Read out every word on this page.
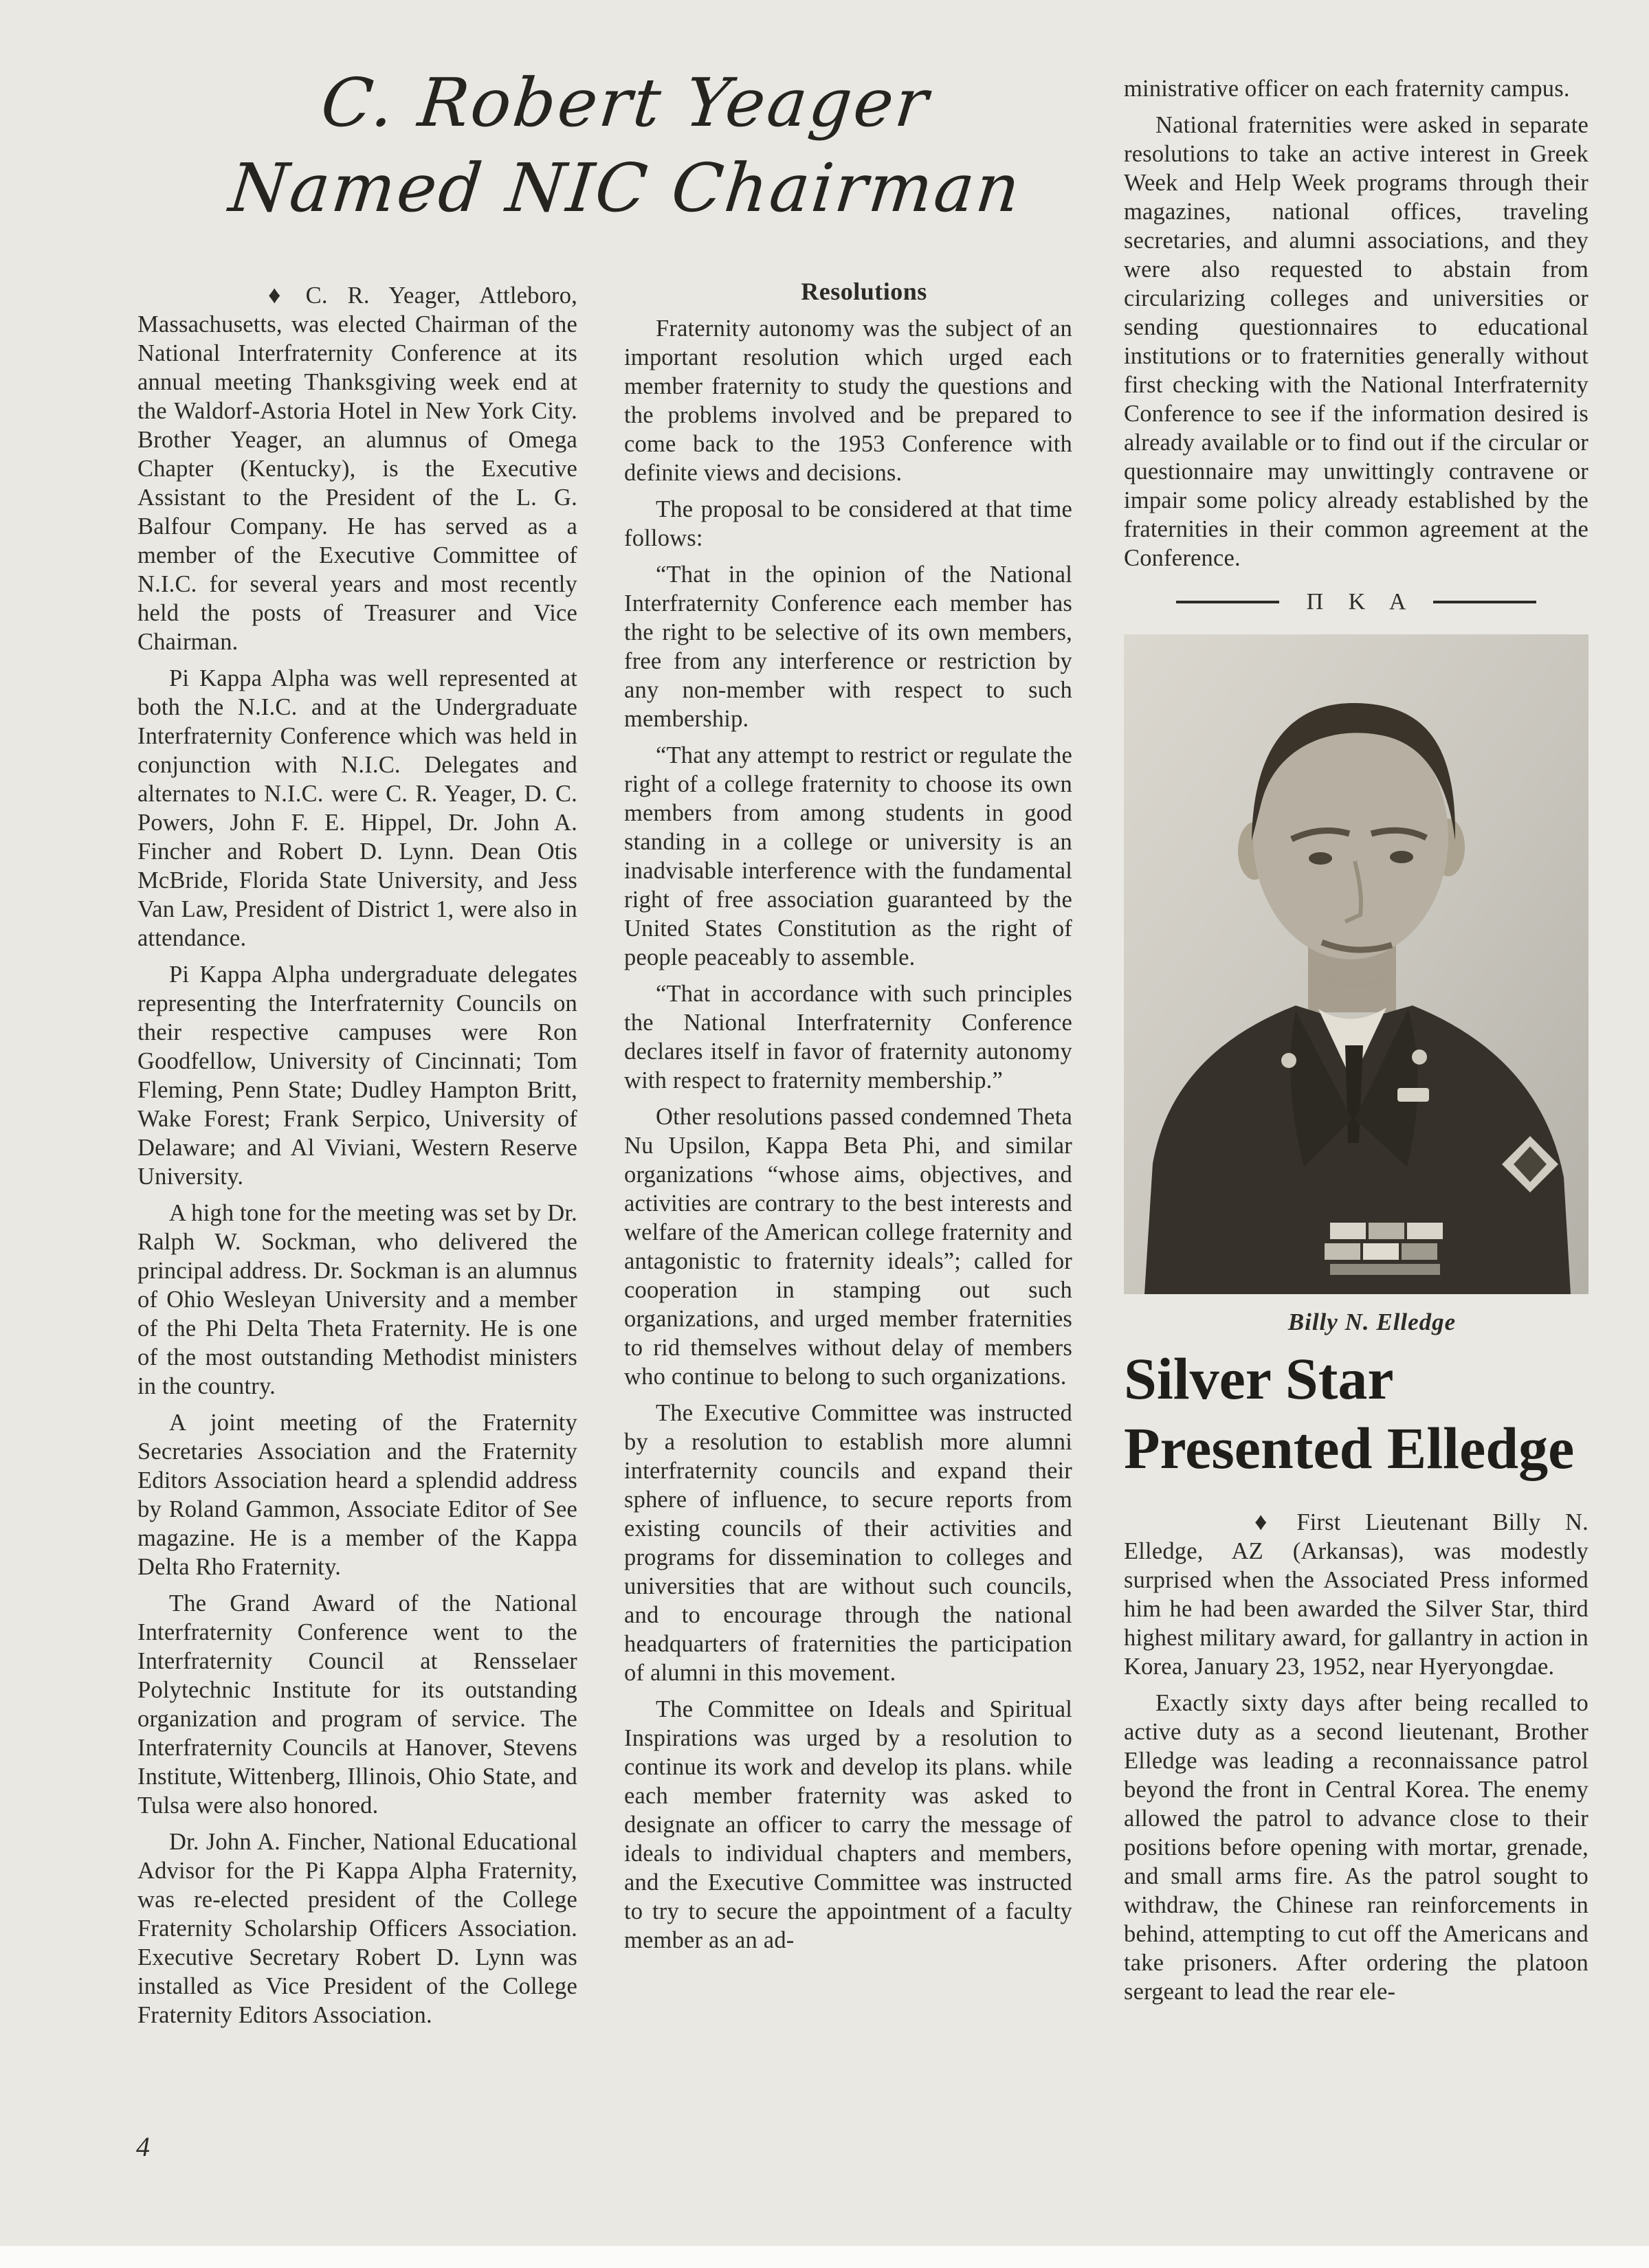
C. Robert Yeager
Named NIC Chairman

♦ C. R. Yeager, Attleboro, Massachusetts, was elected Chairman of the National Interfraternity Conference at its annual meeting Thanksgiving week end at the Waldorf-Astoria Hotel in New York City. Brother Yeager, an alumnus of Omega Chapter (Kentucky), is the Executive Assistant to the President of the L. G. Balfour Company. He has served as a member of the Executive Committee of N.I.C. for several years and most recently held the posts of Treasurer and Vice Chairman.

Pi Kappa Alpha was well represented at both the N.I.C. and at the Undergraduate Interfraternity Conference which was held in conjunction with N.I.C. Delegates and alternates to N.I.C. were C. R. Yeager, D. C. Powers, John F. E. Hippel, Dr. John A. Fincher and Robert D. Lynn. Dean Otis McBride, Florida State University, and Jess Van Law, President of District 1, were also in attendance.

Pi Kappa Alpha undergraduate delegates representing the Interfraternity Councils on their respective campuses were Ron Goodfellow, University of Cincinnati; Tom Fleming, Penn State; Dudley Hampton Britt, Wake Forest; Frank Serpico, University of Delaware; and Al Viviani, Western Reserve University.

A high tone for the meeting was set by Dr. Ralph W. Sockman, who delivered the principal address. Dr. Sockman is an alumnus of Ohio Wesleyan University and a member of the Phi Delta Theta Fraternity. He is one of the most outstanding Methodist ministers in the country.

A joint meeting of the Fraternity Secretaries Association and the Fraternity Editors Association heard a splendid address by Roland Gammon, Associate Editor of See magazine. He is a member of the Kappa Delta Rho Fraternity.

The Grand Award of the National Interfraternity Conference went to the Interfraternity Council at Rensselaer Polytechnic Institute for its outstanding organization and program of service. The Interfraternity Councils at Hanover, Stevens Institute, Wittenberg, Illinois, Ohio State, and Tulsa were also honored.

Dr. John A. Fincher, National Educational Advisor for the Pi Kappa Alpha Fraternity, was re-elected president of the College Fraternity Scholarship Officers Association. Executive Secretary Robert D. Lynn was installed as Vice President of the College Fraternity Editors Association.

Resolutions

Fraternity autonomy was the subject of an important resolution which urged each member fraternity to study the questions and the problems involved and be prepared to come back to the 1953 Conference with definite views and decisions.

The proposal to be considered at that time follows:

“That in the opinion of the National Interfraternity Conference each member has the right to be selective of its own members, free from any interference or restriction by any non-member with respect to such membership.

“That any attempt to restrict or regulate the right of a college fraternity to choose its own members from among students in good standing in a college or university is an inadvisable interference with the fundamental right of free association guaranteed by the United States Constitution as the right of people peaceably to assemble.

“That in accordance with such principles the National Interfraternity Conference declares itself in favor of fraternity autonomy with respect to fraternity membership.”

Other resolutions passed condemned Theta Nu Upsilon, Kappa Beta Phi, and similar organizations “whose aims, objectives, and activities are contrary to the best interests and welfare of the American college fraternity and antagonistic to fraternity ideals”; called for cooperation in stamping out such organizations, and urged member fraternities to rid themselves without delay of members who continue to belong to such organizations.

The Executive Committee was instructed by a resolution to establish more alumni interfraternity councils and expand their sphere of influence, to secure reports from existing councils of their activities and programs for dissemination to colleges and universities that are without such councils, and to encourage through the national headquarters of fraternities the participation of alumni in this movement.

The Committee on Ideals and Spiritual Inspirations was urged by a resolution to continue its work and develop its plans. while each member fraternity was asked to designate an officer to carry the message of ideals to individual chapters and members, and the Executive Committee was instructed to try to secure the appointment of a faculty member as an ad-

ministrative officer on each fraternity campus.

National fraternities were asked in separate resolutions to take an active interest in Greek Week and Help Week programs through their magazines, national offices, traveling secretaries, and alumni associations, and they were also requested to abstain from circularizing colleges and universities or sending questionnaires to educational institutions or to fraternities generally without first checking with the National Interfraternity Conference to see if the information desired is already available or to find out if the circular or questionnaire may unwittingly contravene or impair some policy already established by the fraternities in their common agreement at the Conference.

Π Κ Α

Billy N. Elledge

Silver Star
Presented Elledge

♦ First Lieutenant Billy N. Elledge, AZ (Arkansas), was modestly surprised when the Associated Press informed him he had been awarded the Silver Star, third highest military award, for gallantry in action in Korea, January 23, 1952, near Hyeryongdae.

Exactly sixty days after being recalled to active duty as a second lieutenant, Brother Elledge was leading a reconnaissance patrol beyond the front in Central Korea. The enemy allowed the patrol to advance close to their positions before opening with mortar, grenade, and small arms fire. As the patrol sought to withdraw, the Chinese ran reinforcements in behind, attempting to cut off the Americans and take prisoners. After ordering the platoon sergeant to lead the rear ele-

4
